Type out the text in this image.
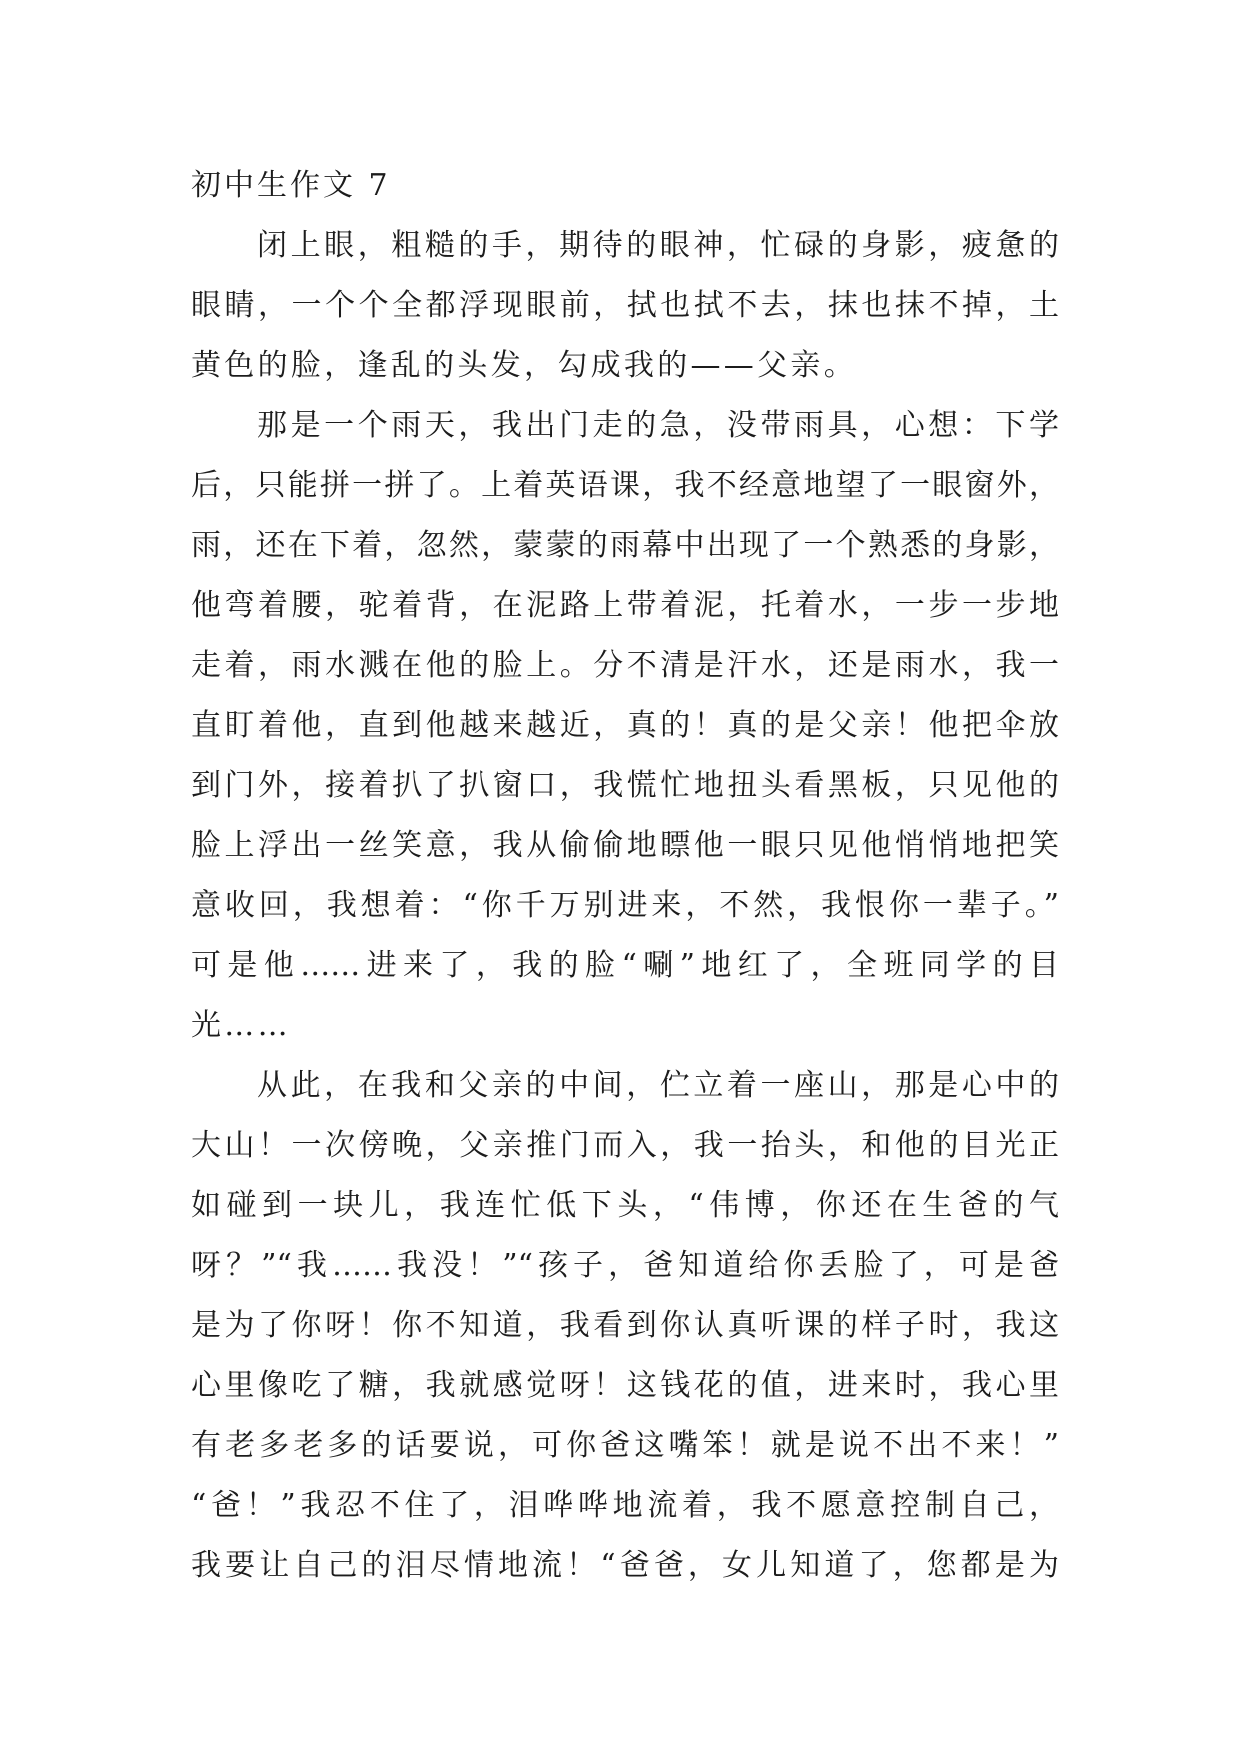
初中生作文 7
闭上眼，粗糙的手，期待的眼神，忙碌的身影，疲惫的
眼睛，一个个全都浮现眼前，拭也拭不去，抹也抹不掉，土
黄色的脸，逢乱的头发，勾成我的——父亲。
那是一个雨天，我出门走的急，没带雨具，心想：下学
后，只能拼一拼了。上着英语课，我不经意地望了一眼窗外，
雨，还在下着，忽然，蒙蒙的雨幕中出现了一个熟悉的身影，
他弯着腰，驼着背，在泥路上带着泥，托着水，一步一步地
走着，雨水溅在他的脸上。分不清是汗水，还是雨水，我一
直盯着他，直到他越来越近，真的！真的是父亲！他把伞放
到门外，接着扒了扒窗口，我慌忙地扭头看黑板，只见他的
脸上浮出一丝笑意，我从偷偷地瞟他一眼只见他悄悄地把笑
意收回，我想着：“你千万别进来，不然，我恨你一辈子。”
可是他……进来了，我的脸“唰”地红了，全班同学的目
光……
从此，在我和父亲的中间，伫立着一座山，那是心中的
大山！一次傍晚，父亲推门而入，我一抬头，和他的目光正
如碰到一块儿，我连忙低下头，“伟博，你还在生爸的气
呀？”“我……我没！”“孩子，爸知道给你丢脸了，可是爸
是为了你呀！你不知道，我看到你认真听课的样子时，我这
心里像吃了糖，我就感觉呀！这钱花的值，进来时，我心里
有老多老多的话要说，可你爸这嘴笨！就是说不出不来！”
“爸！”我忍不住了，泪哗哗地流着，我不愿意控制自己，
我要让自己的泪尽情地流！“爸爸，女儿知道了，您都是为
